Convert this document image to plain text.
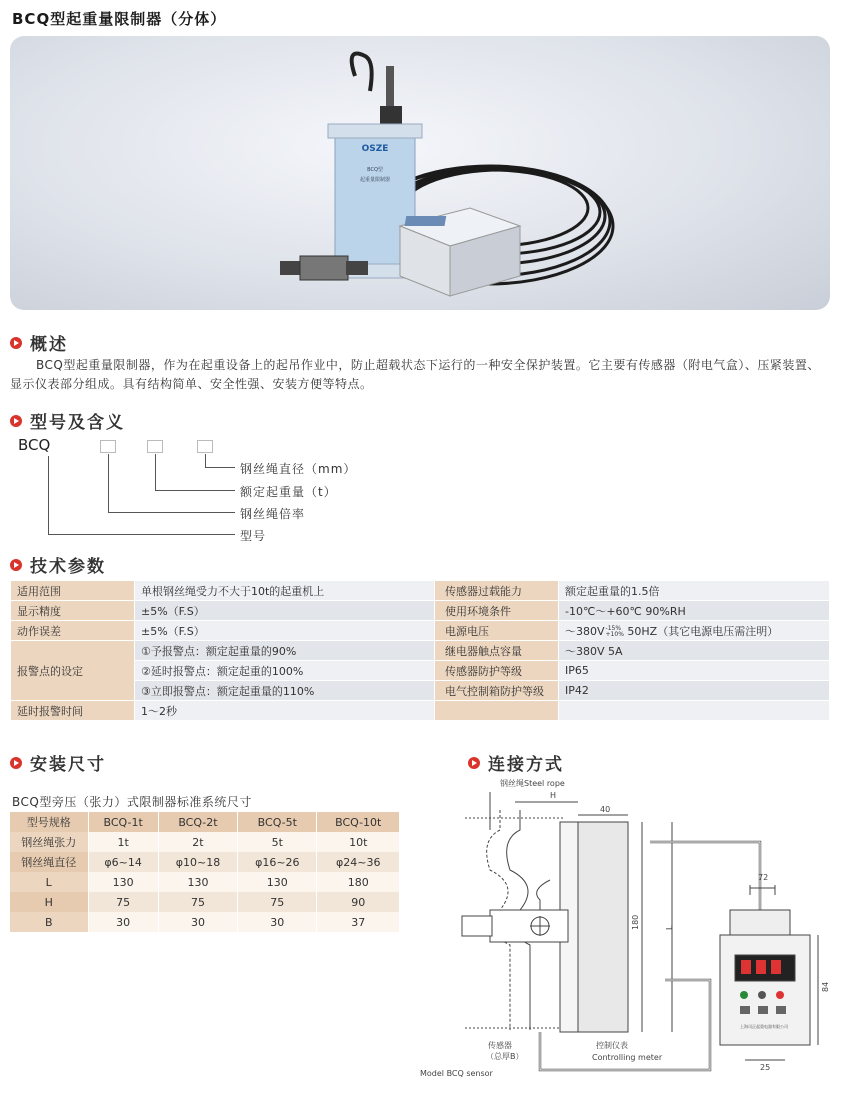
BCQ型起重量限制器（分体）
OSZE
BCQ型
起重量限制器
概述
BCQ型起重量限制器，作为在起重设备上的起吊作业中，防止超载状态下运行的一种安全保护装置。它主要有传感器（附电气盒）、压紧装置、显示仪表部分组成。具有结构简单、安全性强、安装方便等特点。
型号及含义
BCQ
钢丝绳直径（mm）
额定起重量（t）
钢丝绳倍率
型号
技术参数
适用范围	单根钢丝绳受力不大于10t的起重机上	传感器过载能力	额定起重量的1.5倍
显示精度	±5%（F.S）	使用环境条件	-10℃～+60℃ 90%RH
动作误差	±5%（F.S）	电源电压	～380V -15%
+10% 50HZ（其它电源电压需注明）
报警点的设定	①予报警点：额定起重量的90%	继电器触点容量	～380V 5A
	②延时报警点：额定起重的100%	传感器防护等级	IP65
	③立即报警点：额定起重量的110%	电气控制箱防护等级	IP42
延时报警时间	1～2秒		
安装尺寸
BCQ型旁压（张力）式限制器标准系统尺寸
型号规格	BCQ-1t	BCQ-2t	BCQ-5t	BCQ-10t
钢丝绳张力	1t	2t	5t	10t
钢丝绳直径	φ6~14	φ10~18	φ16~26	φ24~36
L	130	130	130	180
H	75	75	75	90
B	30	30	30	37
连接方式
钢丝绳Steel rope
H
40
180	L
72
84
25
传感器
（总厚B）
控制仪表
Controlling meter
Model BCQ sensor
上海司正起重电器有限公司
